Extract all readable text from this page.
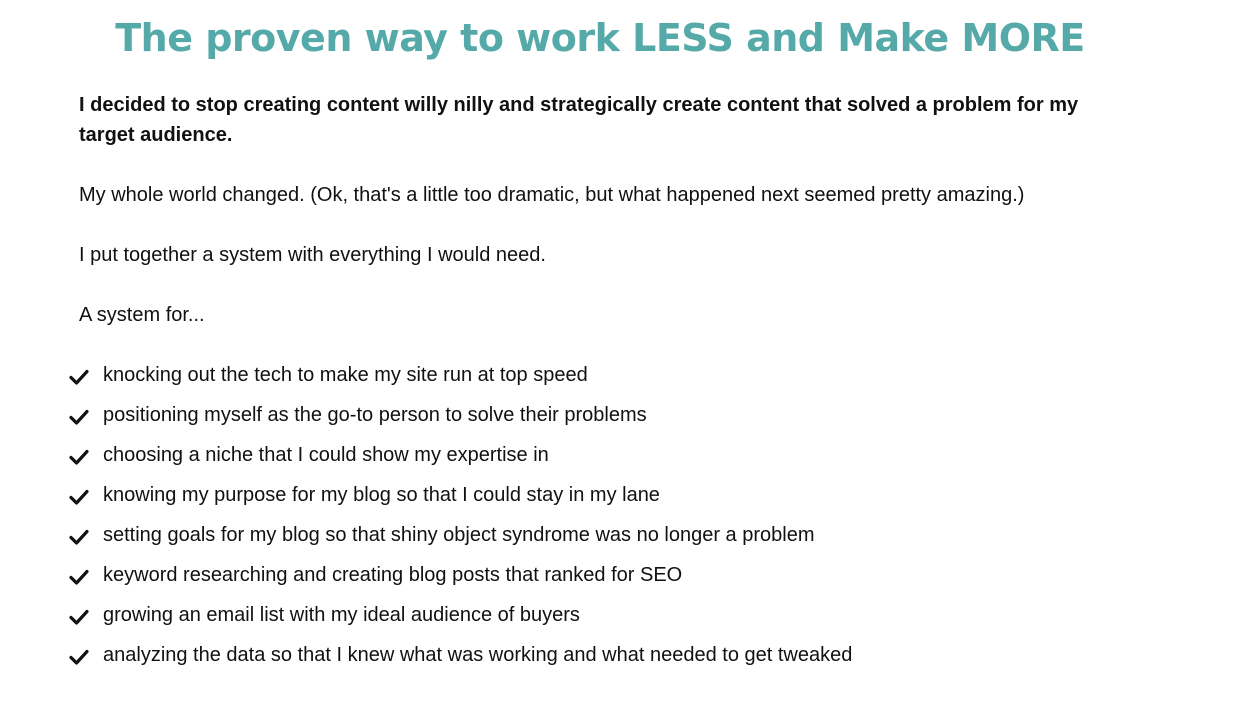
The proven way to work LESS and Make MORE

I decided to stop creating content willy nilly and strategically create content that solved a problem for my target audience.

My whole world changed. (Ok, that's a little too dramatic, but what happened next seemed pretty amazing.)

I put together a system with everything I would need.

A system for...

knocking out the tech to make my site run at top speed
positioning myself as the go-to person to solve their problems
choosing a niche that I could show my expertise in
knowing my purpose for my blog so that I could stay in my lane
setting goals for my blog so that shiny object syndrome was no longer a problem
keyword researching and creating blog posts that ranked for SEO
growing an email list with my ideal audience of buyers
analyzing the data so that I knew what was working and what needed to get tweaked
